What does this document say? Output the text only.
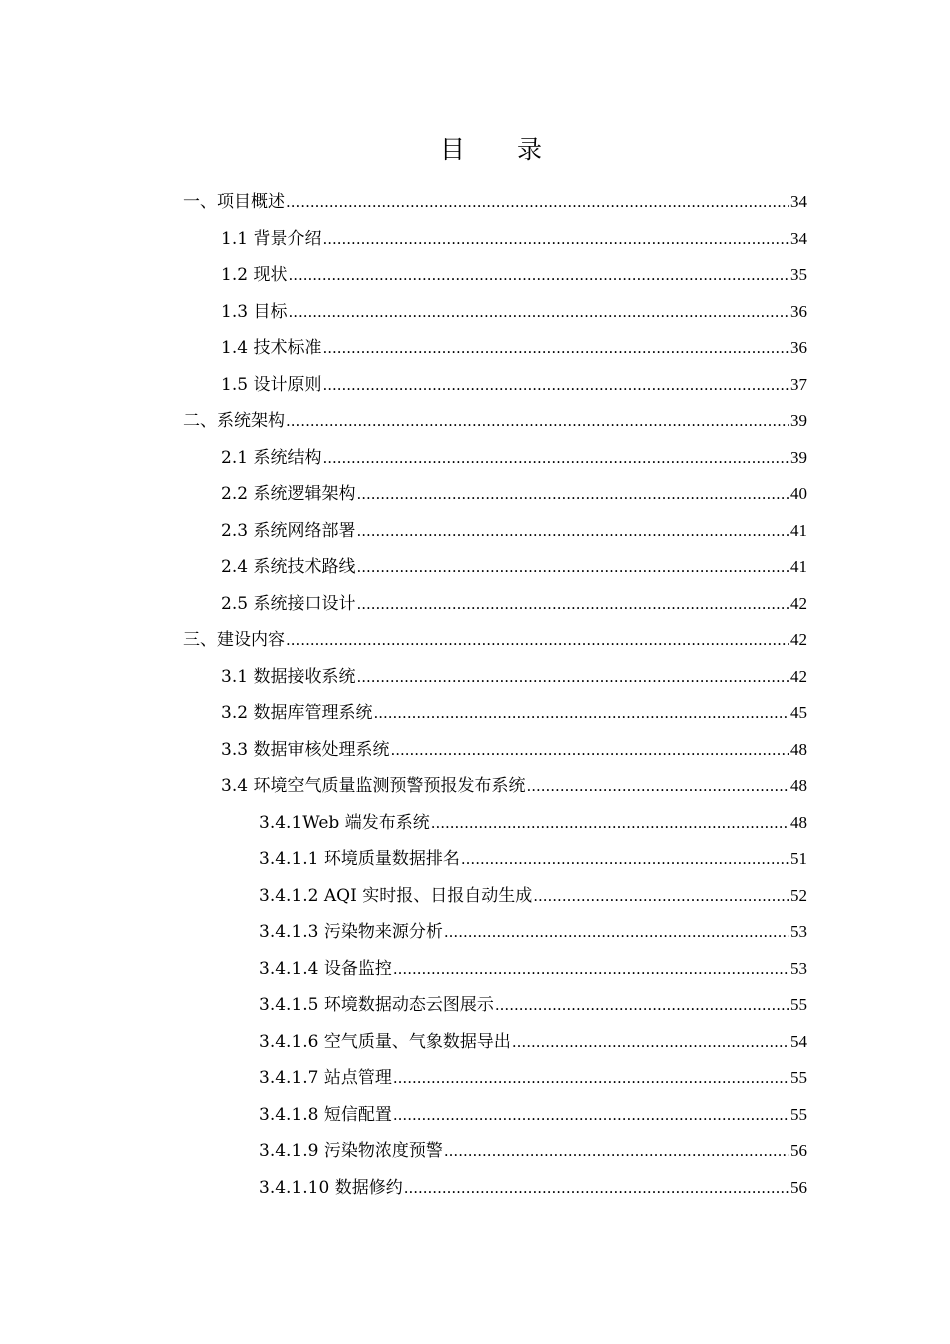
目 录
一、项目概述 .....	34
1.1 背景介绍 .....	34
1.2 现状 .....	35
1.3 目标 .....	36
1.4 技术标准 .....	36
1.5 设计原则 .....	37
二、系统架构 .....	39
2.1 系统结构 .....	39
2.2 系统逻辑架构 .....	40
2.3 系统网络部署 .....	41
2.4 系统技术路线 .....	41
2.5 系统接口设计 .....	42
三、建设内容 .....	42
3.1 数据接收系统 .....	42
3.2 数据库管理系统 .....	45
3.3 数据审核处理系统 .....	48
3.4 环境空气质量监测预警预报发布系统 .....	48
3.4.1Web 端发布系统 .....	48
3.4.1.1 环境质量数据排名 .....	51
3.4.1.2 AQI 实时报、日报自动生成 .....	52
3.4.1.3 污染物来源分析 .....	53
3.4.1.4 设备监控 .....	53
3.4.1.5 环境数据动态云图展示 .....	55
3.4.1.6 空气质量、气象数据导出 .....	54
3.4.1.7 站点管理 .....	55
3.4.1.8 短信配置 .....	55
3.4.1.9 污染物浓度预警 .....	56
3.4.1.10 数据修约 .....	56
